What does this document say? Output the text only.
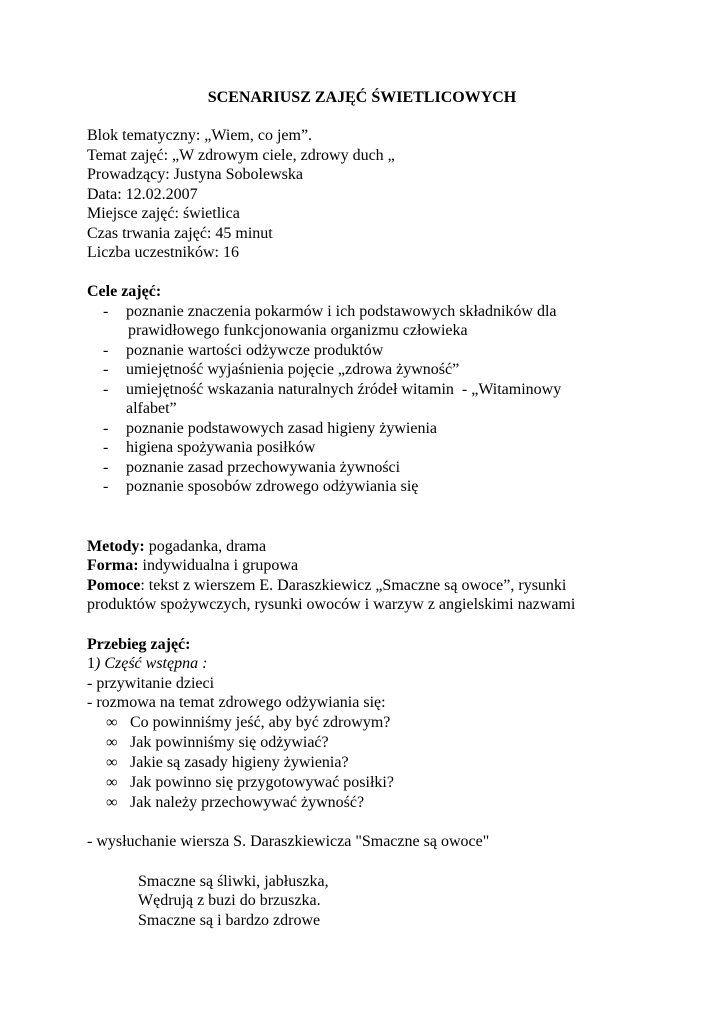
SCENARIUSZ ZAJĘĆ ŚWIETLICOWYCH
Blok tematyczny: „Wiem, co jem”.
Temat zajęć: „W zdrowym ciele, zdrowy duch „
Prowadzący: Justyna Sobolewska
Data: 12.02.2007
Miejsce zajęć: świetlica
Czas trwania zajęć: 45 minut
Liczba uczestników: 16
Cele zajęć:
- poznanie znaczenia pokarmów i ich podstawowych składników dla
prawidłowego funkcjonowania organizmu człowieka
- poznanie wartości odżywcze produktów
- umiejętność wyjaśnienia pojęcie „zdrowa żywność”
- umiejętność wskazania naturalnych źródeł witamin  - „Witaminowy
alfabet”
- poznanie podstawowych zasad higieny żywienia
- higiena spożywania posiłków
- poznanie zasad przechowywania żywności
- poznanie sposobów zdrowego odżywiania się
Metody: pogadanka, drama
Forma: indywidualna i grupowa
Pomoce: tekst z wierszem E. Daraszkiewicz „Smaczne są owoce”, rysunki
produktów spożywczych, rysunki owoców i warzyw z angielskimi nazwami
Przebieg zajęć:
1) Część wstępna :
- przywitanie dzieci
- rozmowa na temat zdrowego odżywiania się:
∞ Co powinniśmy jeść, aby być zdrowym?
∞ Jak powinniśmy się odżywiać?
∞ Jakie są zasady higieny żywienia?
∞ Jak powinno się przygotowywać posiłki?
∞ Jak należy przechowywać żywność?
- wysłuchanie wiersza S. Daraszkiewicza "Smaczne są owoce"
Smaczne są śliwki, jabłuszka,
Wędrują z buzi do brzuszka.
Smaczne są i bardzo zdrowe
